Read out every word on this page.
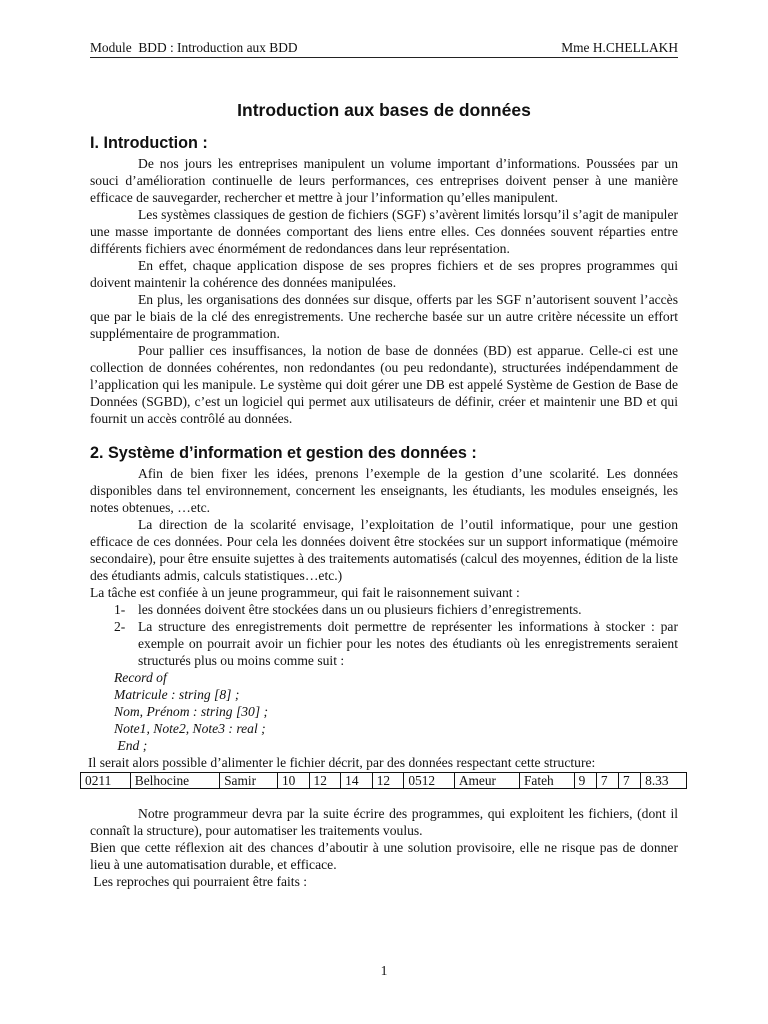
Module  BDD : Introduction aux BDD	Mme H.CHELLAKH
Introduction aux bases de données
I. Introduction :

De nos jours les entreprises manipulent un volume important d’informations. Poussées par un souci d’amélioration continuelle de leurs performances, ces entreprises doivent penser à une manière efficace de sauvegarder, rechercher et mettre à jour l’information qu’elles manipulent.

Les systèmes classiques de gestion de fichiers (SGF) s’avèrent limités lorsqu’il s’agit de manipuler une masse importante de données comportant des liens entre elles. Ces données souvent réparties entre différents fichiers avec énormément de redondances dans leur représentation.

En effet, chaque application dispose de ses propres fichiers et de ses propres programmes qui doivent maintenir la cohérence des données manipulées.

En plus, les organisations des données sur disque, offerts par les SGF n’autorisent souvent l’accès que par le biais de la clé des enregistrements. Une recherche basée sur un autre critère nécessite un effort supplémentaire de programmation.

Pour pallier ces insuffisances, la notion de base de données (BD) est apparue. Celle-ci est une collection de données cohérentes, non redondantes (ou peu redondante), structurées indépendamment de l’application qui les manipule. Le système qui doit gérer une DB est appelé Système de Gestion de Base de Données (SGBD), c’est un logiciel qui permet aux utilisateurs de définir, créer et maintenir une BD et qui fournit un accès contrôlé au données.

2. Système d’information et gestion des données :

Afin de bien fixer les idées, prenons l’exemple de la gestion d’une scolarité. Les données disponibles dans tel environnement, concernent les enseignants, les étudiants, les modules enseignés, les notes obtenues, …etc.

La direction de la scolarité envisage, l’exploitation de l’outil informatique, pour une gestion efficace de ces données. Pour cela les données doivent être stockées sur un support informatique (mémoire secondaire), pour être ensuite sujettes à des traitements automatisés (calcul des moyennes, édition de la liste des étudiants admis, calculs statistiques…etc.)

La tâche est confiée à un jeune programmeur, qui fait le raisonnement suivant :

1- les données doivent être stockées dans un ou plusieurs fichiers d’enregistrements.
2- La structure des enregistrements doit permettre de représenter les informations à stocker : par exemple on pourrait avoir un fichier pour les notes des étudiants où les enregistrements seraient structurés plus ou moins comme suit :
Record of
Matricule : string [8] ;
Nom, Prénom : string [30] ;
Note1, Note2, Note3 : real ;
End ;

Il serait alors possible d’alimenter le fichier décrit, par des données respectant cette structure:

0211	Belhocine	Samir	10	12	14	12	0512	Ameur	Fateh	9	7	7	8.33

Notre programmeur devra par la suite écrire des programmes, qui exploitent les fichiers, (dont il connaît la structure), pour automatiser les traitements voulus.

Bien que cette réflexion ait des chances d’aboutir à une solution provisoire, elle ne risque pas de donner lieu à une automatisation durable, et efficace.

Les reproches qui pourraient être faits :

1
